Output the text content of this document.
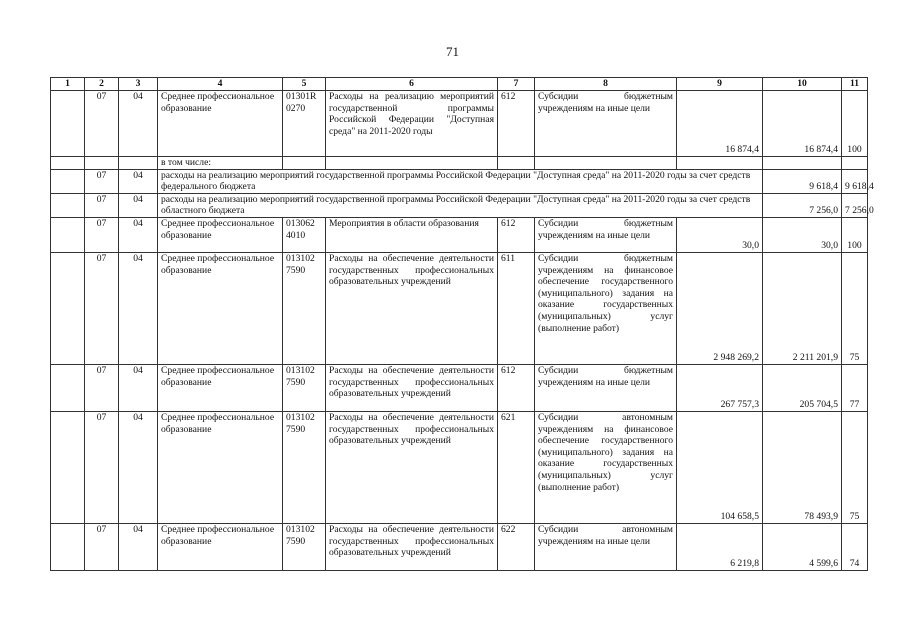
71
1	2	3	4	5	6	7	8	9	10	11	
	07	04	Среднее профессиональное образование	01301R 0270	Расходы на реализацию мероприятий государственной программы Российской Федерации "Доступная среда" на 2011-2020 годы	612	Субсидии бюджетным учреждениям на иные цели	16 874,4	16 874,4	100	
			в том числе:								
	07	04	расходы на реализацию мероприятий государственной программы Российской Федерации "Доступная среда" на 2011-2020 годы за счет средств федерального бюджета						9 618,4	9 618,4	
	07	04	расходы на реализацию мероприятий государственной программы Российской Федерации "Доступная среда" на 2011-2020 годы за счет средств областного бюджета						7 256,0	7 256,0	
	07	04	Среднее профессиональное образование	013062 4010	Мероприятия в области образования	612	Субсидии бюджетным учреждениям на иные цели	30,0	30,0	100	
	07	04	Среднее профессиональное образование	013102 7590	Расходы на обеспечение деятельности государственных профессиональных образовательных учреждений	611	Субсидии бюджетным учреждениям на финансовое обеспечение государственного (муниципального) задания на оказание государственных (муниципальных) услуг (выполнение работ)	2 948 269,2	2 211 201,9	75	
	07	04	Среднее профессиональное образование	013102 7590	Расходы на обеспечение деятельности государственных профессиональных образовательных учреждений	612	Субсидии бюджетным учреждениям на иные цели	267 757,3	205 704,5	77	
	07	04	Среднее профессиональное образование	013102 7590	Расходы на обеспечение деятельности государственных профессиональных образовательных учреждений	621	Субсидии автономным учреждениям на финансовое обеспечение государственного (муниципального) задания на оказание государственных (муниципальных) услуг (выполнение работ)	104 658,5	78 493,9	75	
	07	04	Среднее профессиональное образование	013102 7590	Расходы на обеспечение деятельности государственных профессиональных образовательных учреждений	622	Субсидии автономным учреждениям на иные цели	6 219,8	4 599,6	74	
